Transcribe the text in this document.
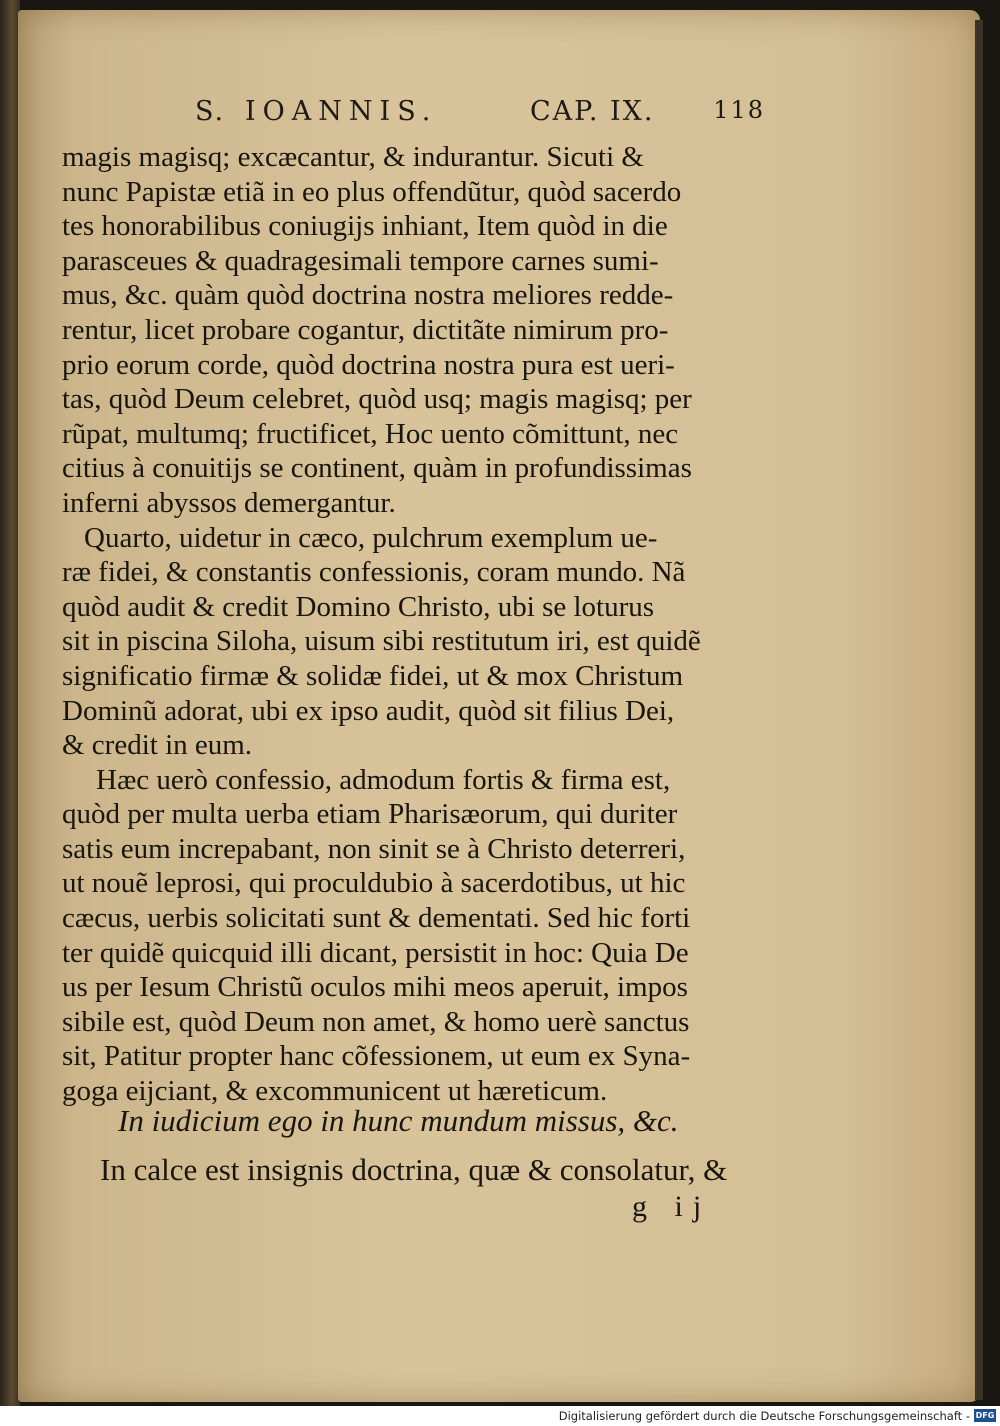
S. IOANNIS.	CAP. IX. 118
magis magisq; excæcantur, & indurantur. Sicuti &
nunc Papistæ etiã in eo plus offendũtur, quòd sacerdo
tes honorabilibus coniugijs inhiant, Item quòd in die
parasceues & quadragesimali tempore carnes sumi-
mus, &c. quàm quòd doctrina nostra meliores redde-
rentur, licet probare cogantur, dictitãte nimirum pro-
prio eorum corde, quòd doctrina nostra pura est ueri-
tas, quòd Deum celebret, quòd usq; magis magisq; per
rũpat, multumq; fructificet, Hoc uento cõmittunt, nec
citius à conuitijs se continent, quàm in profundissimas
inferni abyssos demergantur.
Quarto, uidetur in cæco, pulchrum exemplum ue-
ræ fidei, & constantis confessionis, coram mundo. Nã
quòd audit & credit Domino Christo, ubi se loturus
sit in piscina Siloha, uisum sibi restitutum iri, est quidẽ
significatio firmæ & solidæ fidei, ut & mox Christum
Dominũ adorat, ubi ex ipso audit, quòd sit filius Dei,
& credit in eum.
Hæc uerò confessio, admodum fortis & firma est,
quòd per multa uerba etiam Pharisæorum, qui duriter
satis eum increpabant, non sinit se à Christo deterreri,
ut nouẽ leprosi, qui proculdubio à sacerdotibus, ut hic
cæcus, uerbis solicitati sunt & dementati. Sed hic forti
ter quidẽ quicquid illi dicant, persistit in hoc: Quia De
us per Iesum Christũ oculos mihi meos aperuit, impos
sibile est, quòd Deum non amet, & homo uerè sanctus
sit, Patitur propter hanc cõfessionem, ut eum ex Syna-
goga eijciant, & excommunicent ut hæreticum.
In iudicium ego in hunc mundum missus, &c.
In calce est insignis doctrina, quæ & consolatur, &
g ij
Digitalisierung gefördert durch die Deutsche Forschungsgemeinschaft - DFG
